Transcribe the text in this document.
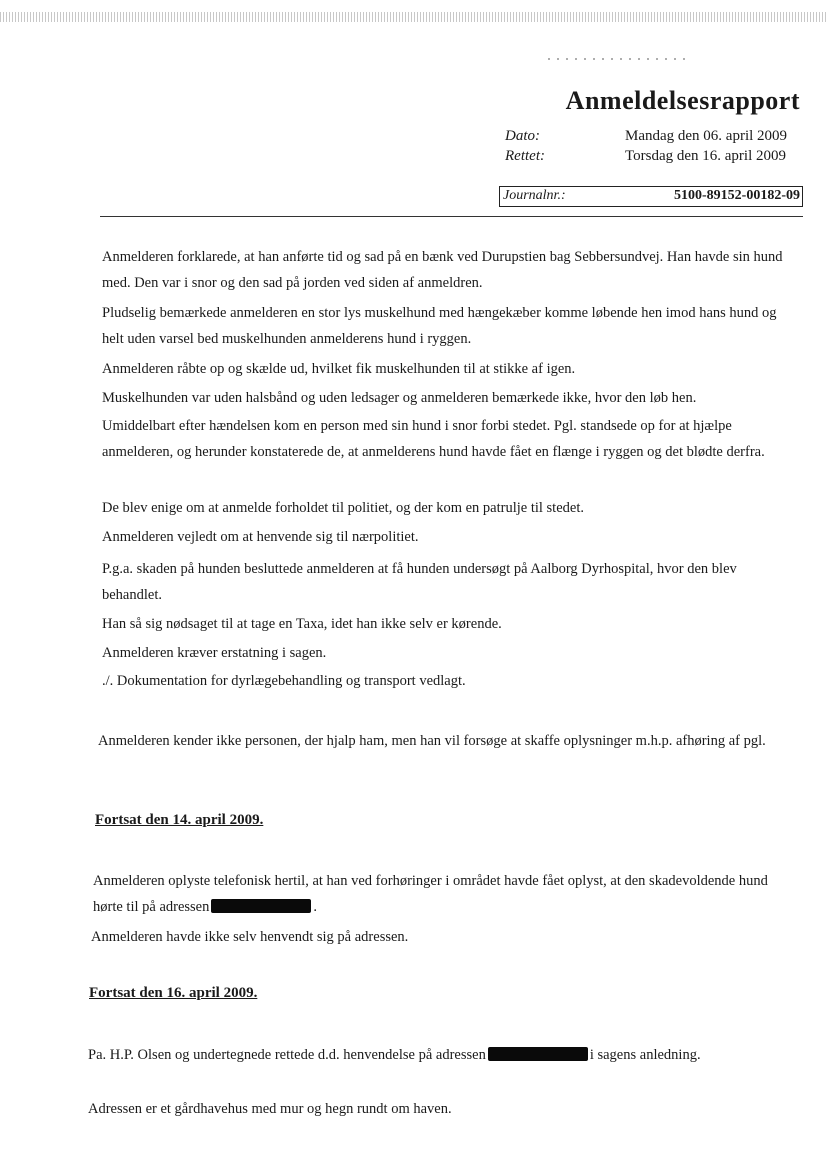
Anmeldelsesrapport
Dato:	Mandag den 06. april 2009
Rettet:	Torsdag den 16. april 2009
Journalnr.:	5100-89152-00182-09

Anmelderen forklarede, at han anførte tid og sad på en bænk ved Durupstien bag Sebbersundvej. Han havde sin hund med. Den var i snor og den sad på jorden ved siden af anmeldren.

Pludselig bemærkede anmelderen en stor lys muskelhund med hængekæber komme løbende hen imod hans hund og helt uden varsel bed muskelhunden anmelderens hund i ryggen.

Anmelderen råbte op og skælde ud, hvilket fik muskelhunden til at stikke af igen.

Muskelhunden var uden halsbånd og uden ledsager og anmelderen bemærkede ikke, hvor den løb hen.

Umiddelbart efter hændelsen kom en person med sin hund i snor forbi stedet. Pgl. standsede op for at hjælpe anmelderen, og herunder konstaterede de, at anmelderens hund havde fået en flænge i ryggen og det blødte derfra.

De blev enige om at anmelde forholdet til politiet, og der kom en patrulje til stedet.

Anmelderen vejledt om at henvende sig til nærpolitiet.

P.g.a. skaden på hunden besluttede anmelderen at få hunden undersøgt på Aalborg Dyrhospital, hvor den blev behandlet.

Han så sig nødsaget til at tage en Taxa, idet han ikke selv er kørende.

Anmelderen kræver erstatning i sagen.

./. Dokumentation for dyrlægebehandling og transport vedlagt.

Anmelderen kender ikke personen, der hjalp ham, men han vil forsøge at skaffe oplysninger m.h.p. afhøring af pgl.

Fortsat den 14. april 2009.

Anmelderen oplyste telefonisk hertil, at han ved forhøringer i området havde fået oplyst, at den skadevoldende hund hørte til på adressen	.

Anmelderen havde ikke selv henvendt sig på adressen.

Fortsat den 16. april 2009.

Pa. H.P. Olsen og undertegnede rettede d.d. henvendelse på adressen	i sagens anledning.

Adressen er et gårdhavehus med mur og hegn rundt om haven.
